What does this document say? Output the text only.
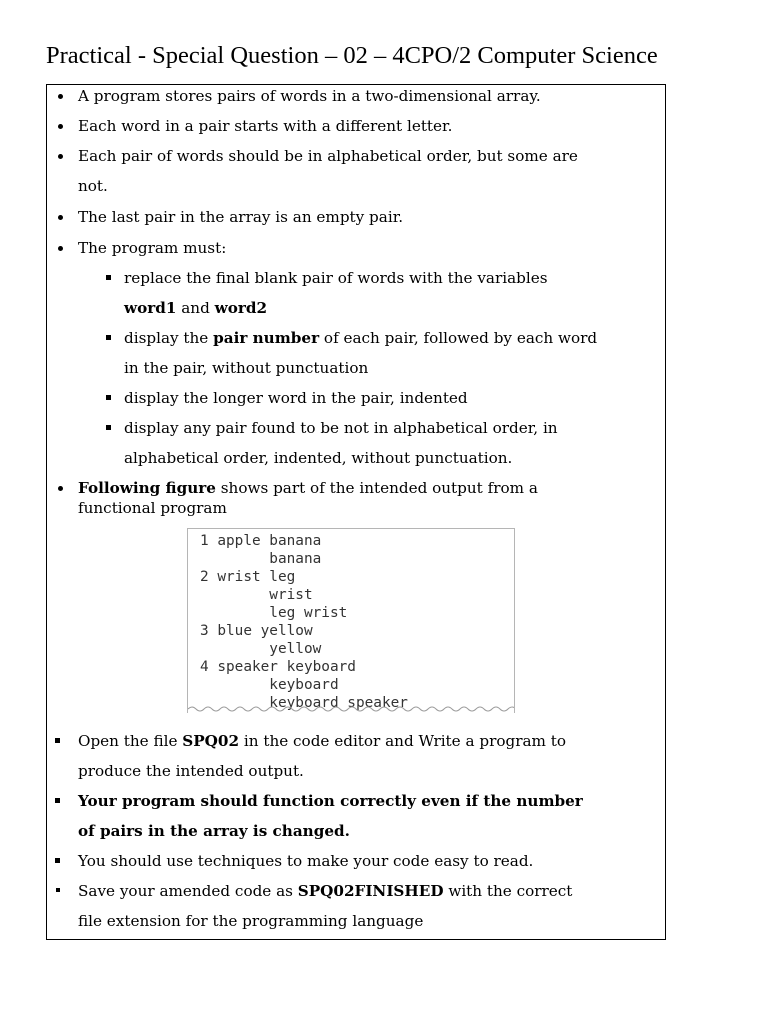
Practical - Special Question – 02 – 4CPO/2 Computer Science
A program stores pairs of words in a two-dimensional array.
Each word in a pair starts with a different letter.
Each pair of words should be in alphabetical order, but some are
not.
The last pair in the array is an empty pair.
The program must:
replace the final blank pair of words with the variables
word1 and word2
display the pair number of each pair, followed by each word
in the pair, without punctuation
display the longer word in the pair, indented
display any pair found to be not in alphabetical order, in
alphabetical order, indented, without punctuation.
Following figure shows part of the intended output from a
functional program
1 apple banana
banana
2 wrist leg
wrist
leg wrist
3 blue yellow
yellow
4 speaker keyboard
keyboard
keyboard speaker
Open the file SPQ02 in the code editor and Write a program to
produce the intended output.
Your program should function correctly even if the number
of pairs in the array is changed.
You should use techniques to make your code easy to read.
Save your amended code as SPQ02FINISHED with the correct
file extension for the programming language
